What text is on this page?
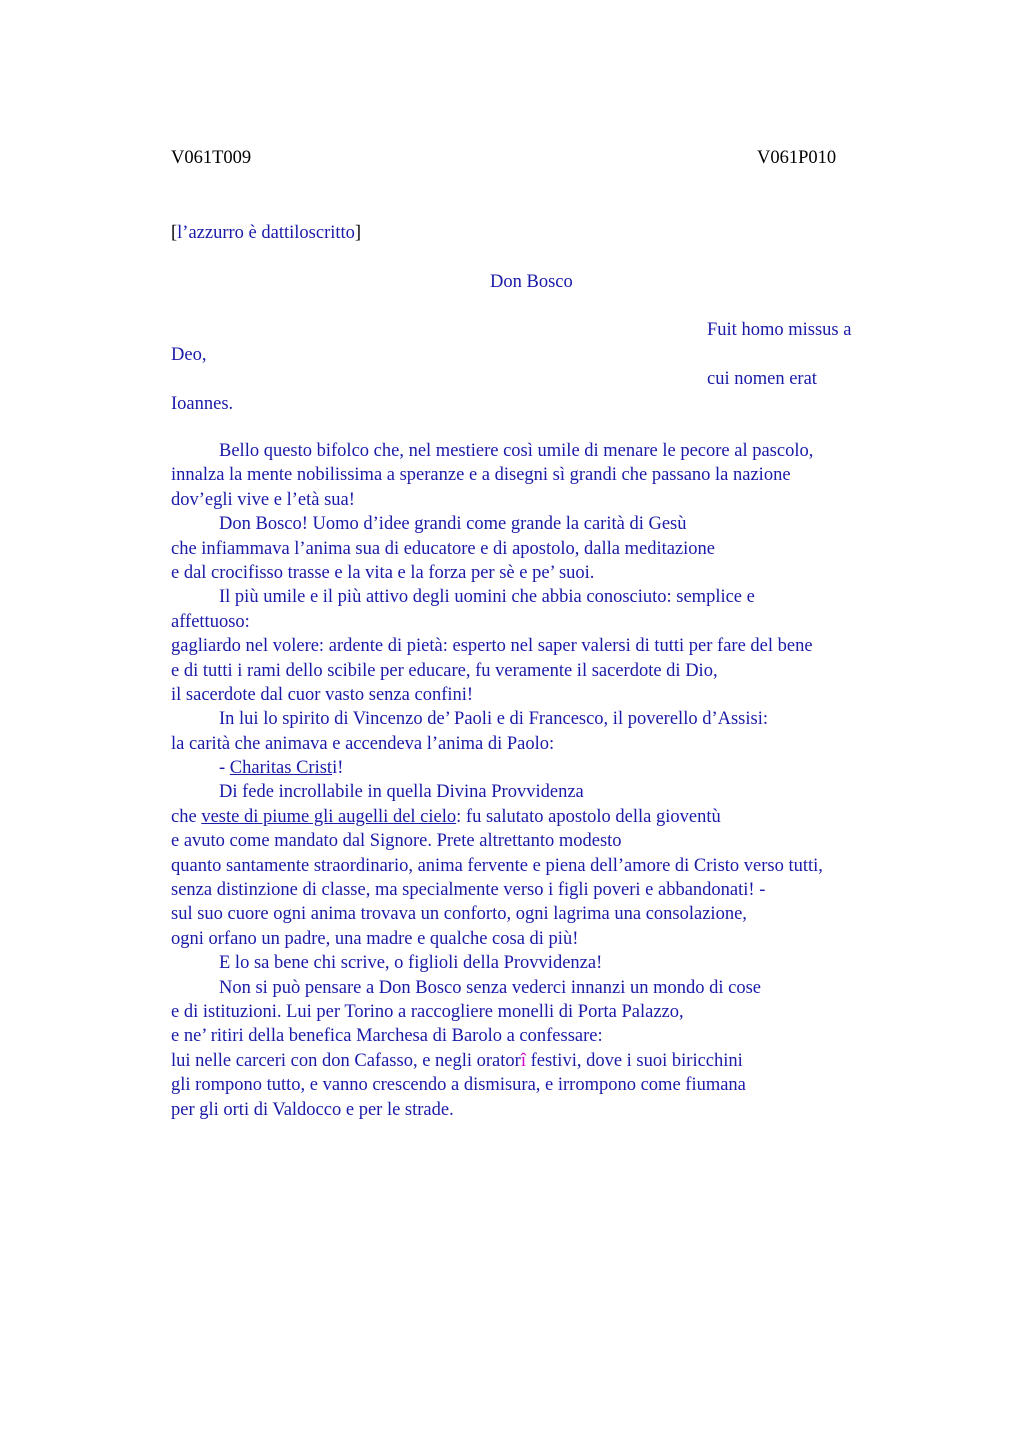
V061T009	V061P010
[l’azzurro è dattiloscritto]
Don Bosco
Fuit homo missus a
Deo,
cui nomen erat
Ioannes.
Bello questo bifolco che, nel mestiere così umile di menare le pecore al pascolo,
innalza la mente nobilissima a speranze e a disegni sì grandi che passano la nazione
dov’egli vive e l’età sua!
Don Bosco! Uomo d’idee grandi come grande la carità di Gesù
che infiammava l’anima sua di educatore e di apostolo, dalla meditazione
e dal crocifisso trasse e la vita e la forza per sè e pe’ suoi.
Il più umile e il più attivo degli uomini che abbia conosciuto: semplice e
affettuoso:
gagliardo nel volere: ardente di pietà: esperto nel saper valersi di tutti per fare del bene
e di tutti i rami dello scibile per educare, fu veramente il sacerdote di Dio,
il sacerdote dal cuor vasto senza confini!
In lui lo spirito di Vincenzo de’ Paoli e di Francesco, il poverello d’Assisi:
la carità che animava e accendeva l’anima di Paolo:
- Charitas Cristi!
Di fede incrollabile in quella Divina Provvidenza
che veste di piume gli augelli del cielo: fu salutato apostolo della gioventù
e avuto come mandato dal Signore. Prete altrettanto modesto
quanto santamente straordinario, anima fervente e piena dell’amore di Cristo verso tutti,
senza distinzione di classe, ma specialmente verso i figli poveri e abbandonati! -
sul suo cuore ogni anima trovava un conforto, ogni lagrima una consolazione,
ogni orfano un padre, una madre e qualche cosa di più!
E lo sa bene chi scrive, o figlioli della Provvidenza!
Non si può pensare a Don Bosco senza vederci innanzi un mondo di cose
e di istituzioni. Lui per Torino a raccogliere monelli di Porta Palazzo,
e ne’ ritiri della benefica Marchesa di Barolo a confessare:
lui nelle carceri con don Cafasso, e negli oratorî festivi, dove i suoi biricchini
gli rompono tutto, e vanno crescendo a dismisura, e irrompono come fiumana
per gli orti di Valdocco e per le strade.
